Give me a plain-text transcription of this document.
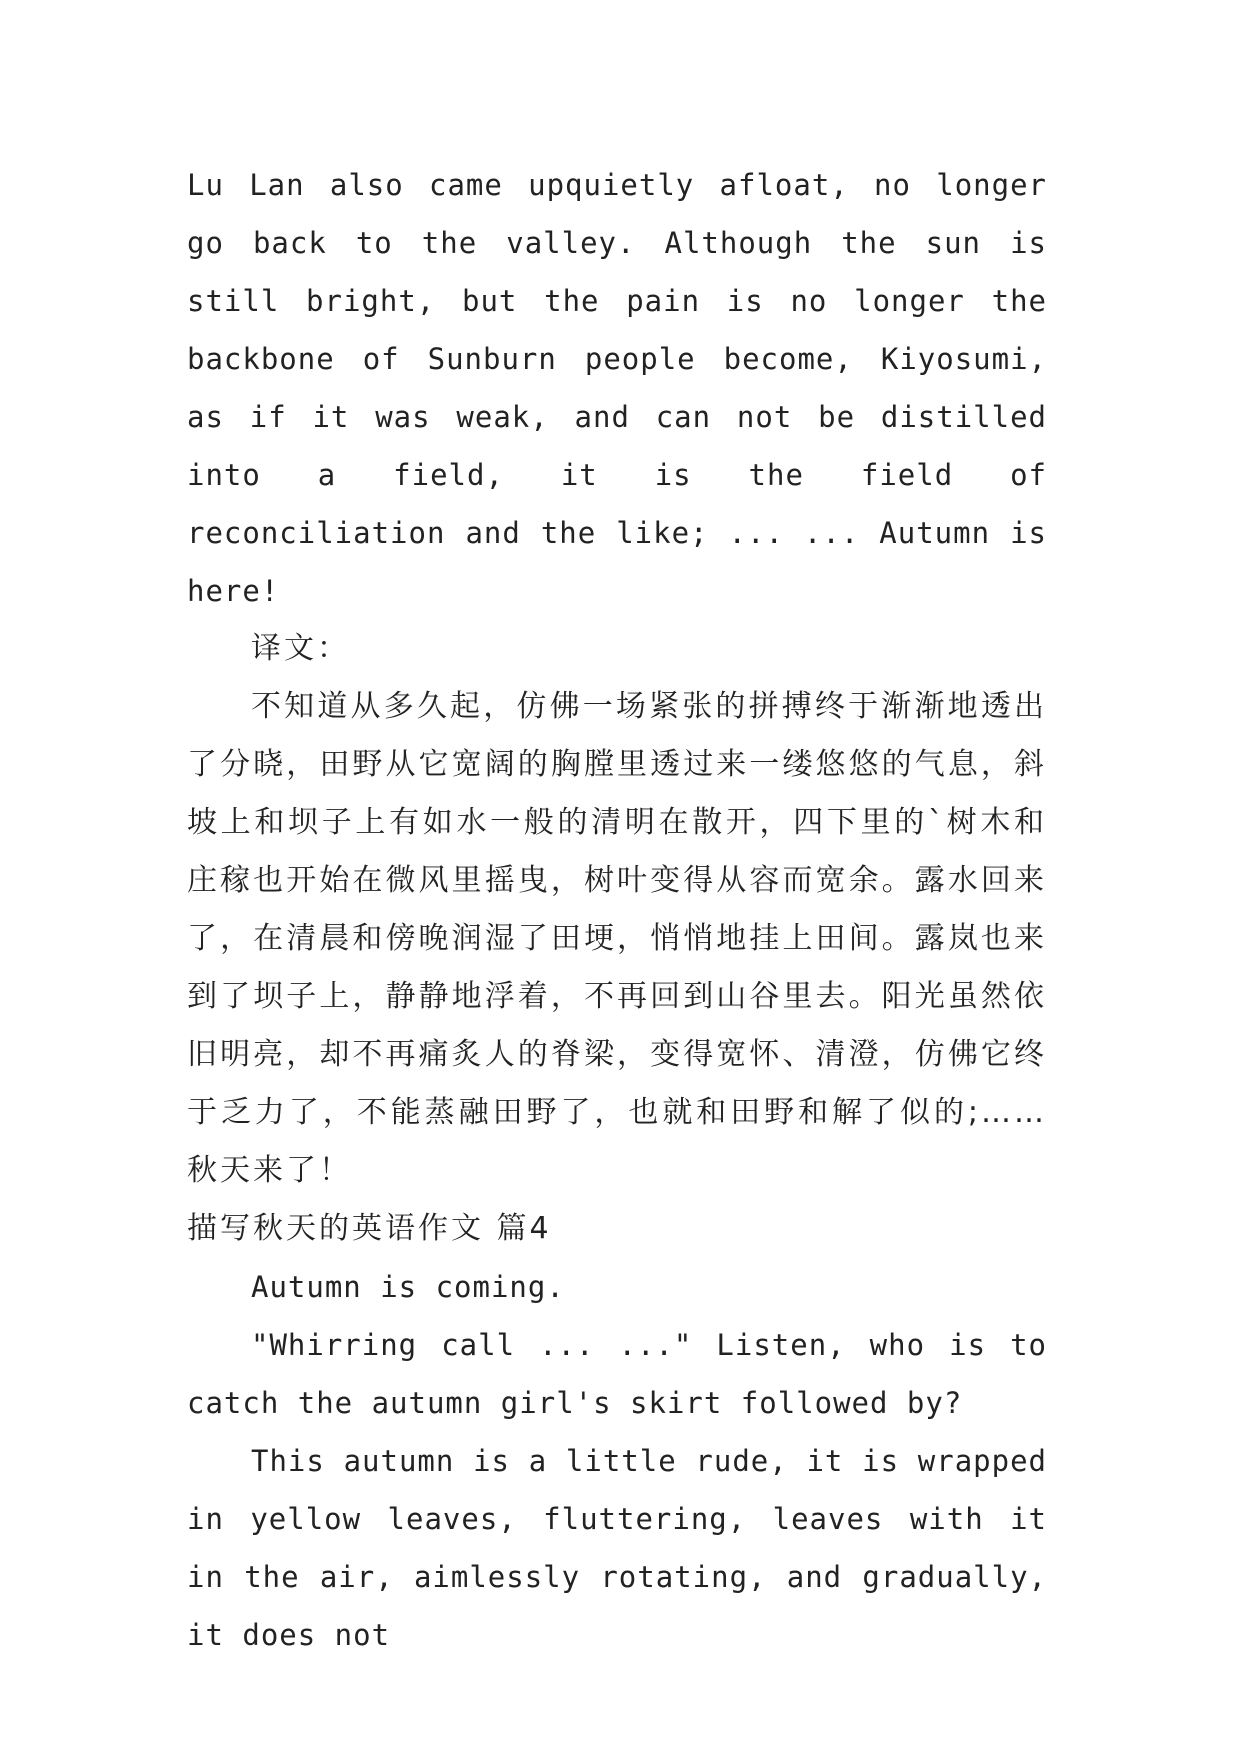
Lu Lan also came upquietly afloat, no longer go back to the valley. Although the sun is still bright, but the pain is no longer the backbone of Sunburn people become, Kiyosumi, as if it was weak, and can not be distilled into a field, it is the field of reconciliation and the like; ... ... Autumn is here!

译文：

不知道从多久起，仿佛一场紧张的拼搏终于渐渐地透出了分晓，田野从它宽阔的胸膛里透过来一缕悠悠的气息，斜坡上和坝子上有如水一般的清明在散开，四下里的`树木和庄稼也开始在微风里摇曳，树叶变得从容而宽余。露水回来了，在清晨和傍晚润湿了田埂，悄悄地挂上田间。露岚也来到了坝子上，静静地浮着，不再回到山谷里去。阳光虽然依旧明亮，却不再痛炙人的脊梁，变得宽怀、清澄，仿佛它终于乏力了，不能蒸融田野了，也就和田野和解了似的;……秋天来了！

描写秋天的英语作文 篇4

Autumn is coming.

"Whirring call ... ..." Listen, who is to catch the autumn girl's skirt followed by?

This autumn is a little rude, it is wrapped in yellow leaves, fluttering, leaves with it in the air, aimlessly rotating, and gradually, it does not
